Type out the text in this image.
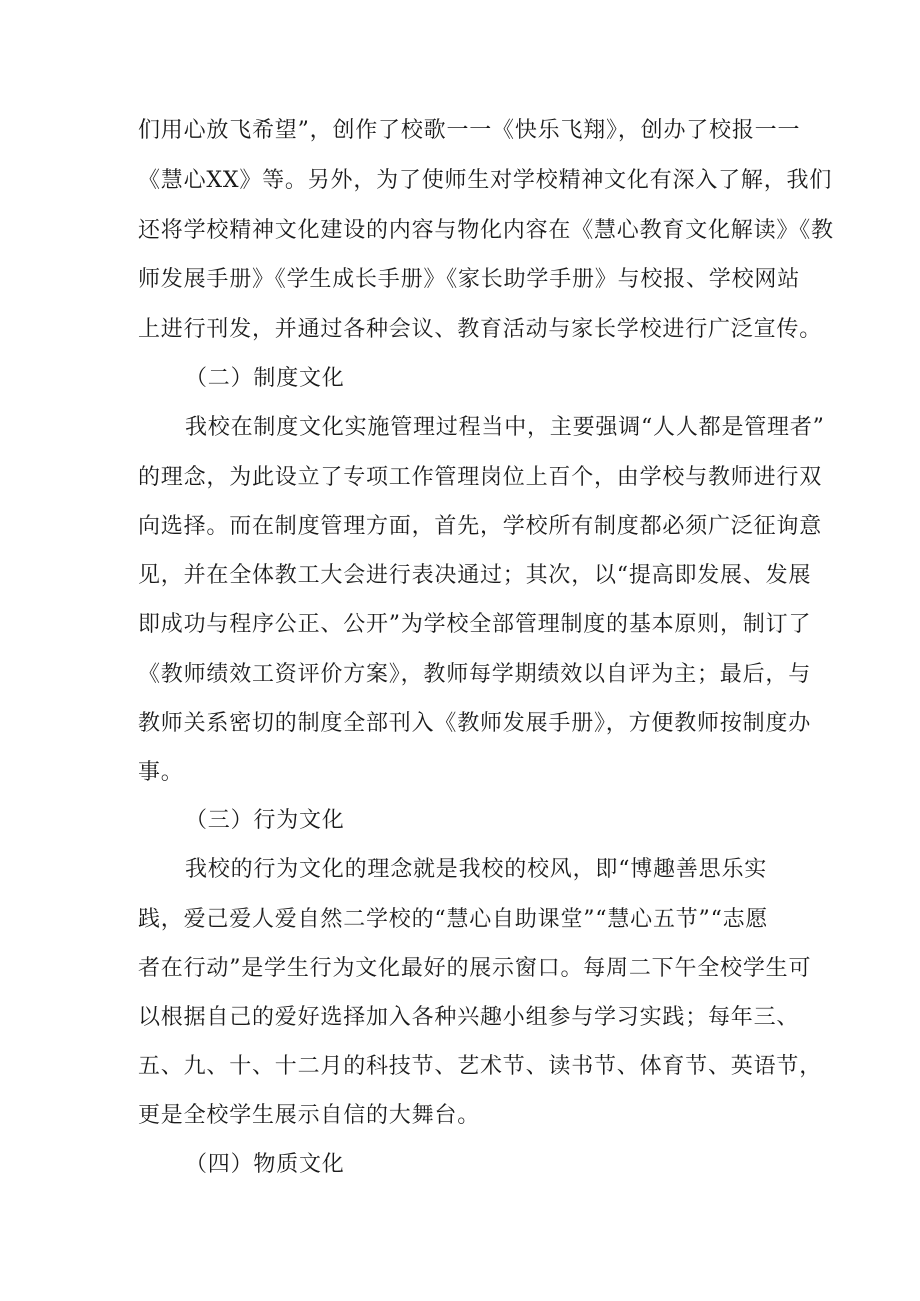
们用心放飞希望”，创作了校歌一一《快乐飞翔》，创办了校报一一
《慧心XX》等。另外，为了使师生对学校精神文化有深入了解，我们
还将学校精神文化建设的内容与物化内容在《慧心教育文化解读》《教
师发展手册》《学生成长手册》《家长助学手册》与校报、学校网站
上进行刊发，并通过各种会议、教育活动与家长学校进行广泛宣传。
（二）制度文化
我校在制度文化实施管理过程当中，主要强调“人人都是管理者”
的理念，为此设立了专项工作管理岗位上百个，由学校与教师进行双
向选择。而在制度管理方面，首先，学校所有制度都必须广泛征询意
见，并在全体教工大会进行表决通过；其次，以“提高即发展、发展
即成功与程序公正、公开”为学校全部管理制度的基本原则，制订了
《教师绩效工资评价方案》，教师每学期绩效以自评为主；最后，与
教师关系密切的制度全部刊入《教师发展手册》，方便教师按制度办
事。
（三）行为文化
我校的行为文化的理念就是我校的校风，即“博趣善思乐实
践，爱己爱人爱自然二学校的“慧心自助课堂”“慧心五节”“志愿
者在行动”是学生行为文化最好的展示窗口。每周二下午全校学生可
以根据自己的爱好选择加入各种兴趣小组参与学习实践；每年三、
五、九、十、十二月的科技节、艺术节、读书节、体育节、英语节，
更是全校学生展示自信的大舞台。
（四）物质文化
